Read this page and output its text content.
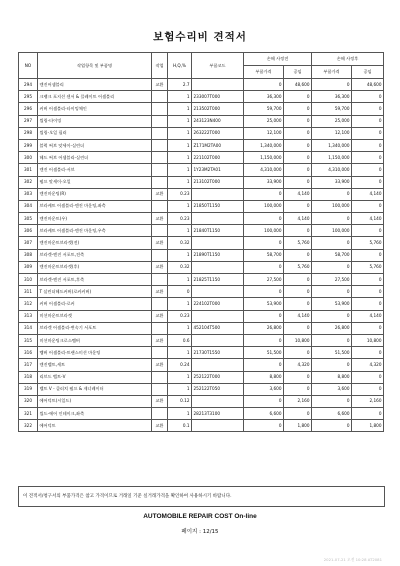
보험수리비 견적서
NO	작업항목 및 부품명	작업	H,Q,%	부품코드	손해 사정전		손해 사정후	
					부품가격	공임	부품가격	공임
294	엔진어셈블리	교환	2.7		0	48,600	0	48,600
295	크랭크 포지션 센서 & 플레이트 어셈블리		1	233007T000	36,300	0	36,300	0
296	커버 어셈블리-타이밍체인		1	213502T000	59,700	0	59,700	0
297	씰링-타이밍		1	243123N400	25,000	0	25,000	0
298	씰링-오일 필러		1	263222T000	12,100	0	12,100	0
299	블럭 써브 앗세이-실린더		1	Z171M2TA00	1,340,000	0	1,340,000	0
300	헤드 써브 어셈블리-실린더		1	221102T000	1,150,000	0	1,150,000	0
301	엔진 어셈블리-서브		1	1Y23M2TA01	4,310,000	0	4,310,000	0
302	펌프 앗세이-오일		1	213102T000	33,900	0	33,900	0
303	엔진마운팅(R)	교환	0.23		0	4,140	0	4,140
304	브라케트 어셈블리-엔진 마운팅,좌측		1	21850T1150	100,000	0	100,000	0
305	엔진마운트(우)	교환	0.23		0	4,140	0	4,140
306	브라케트 어셈블리-엔진 마운팅,우측		1	21840T1150	100,000	0	100,000	0
307	엔진마운트브라켓(전)	교환	0.32		0	5,760	0	5,760
308	브라켓-엔진 서포트,전측		1	21890T1150	58,700	0	58,700	0
309	엔진마운트브라켓(후)	교환	0.32		0	5,760	0	5,760
310	브라켓-엔진 서포트,후측		1	21825T1150	27,500	0	27,500	0
311	T 실린더헤드커버(로커커버)	교환	0		0	0	0	0
312	커버 어셈블리-로커		1	224102T000	53,900	0	53,900	0
313	미션마운트브라켓	교환	0.23		0	4,140	0	4,140
314	브라켓 어셈블리-변속기 서포트		1	452104T500	26,800	0	26,800	0
315	미션마운팅크로스멤버	교환	0.6		0	10,800	0	10,800
316	멤버 어셈블리-트랜스미션 마운팅		1	21730T1550	51,500	0	51,500	0
317	엔진벨트,세트	교환	0.24		0	4,320	0	4,320
318	리브드 벨트-V		1	252122T000	8,800	0	8,800	0
319	벨트 V - 클러치 펌프 & 제너레이터		1	252122T050	3,600	0	3,600	0
320	에어덕트(시일드)	교환	0.12		0	2,160	0	2,160
321	씰드-에어 인테이크,좌측		1	28213T3100	6,600	0	6,600	0
322	에어덕트	교환	0.1		0	1,800	0	1,800
이 견적서/청구서의 부품가격은 참고 가격이므로 거래일 기준 실거래가격을 확인하여 사용하시기 바랍니다.
AUTOMOBILE REPAIR COST On-line
페이지 : 12/15
2021-07-21 오전 10:28 AT2081
